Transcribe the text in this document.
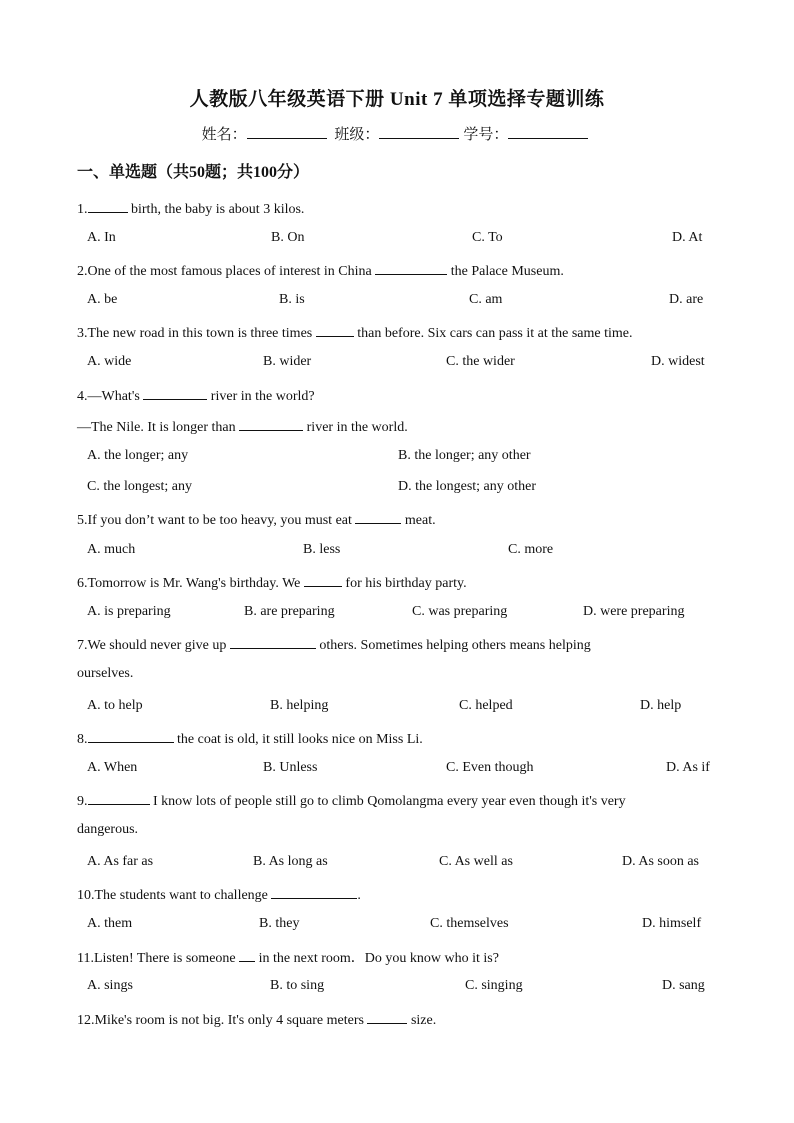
人教版八年级英语下册 Unit 7 单项选择专题训练
姓名：	班级：	学号：
一、单选题（共50题；共100分）
1.	birth, the baby is about 3 kilos.
A. In	B. On	C. To	D. At
2.One of the most famous places of interest in China	the Palace Museum.
A. be	B. is	C. am	D. are
3.The new road in this town is three times	than before. Six cars can pass it at the same time.
A. wide	B. wider	C. the wider	D. widest
4.—What's	river in the world?
—The Nile. It is longer than	river in the world.
A. the longer; any	B. the longer; any other
C. the longest; any	D. the longest; any other
5.If you don’t want to be too heavy, you must eat	meat.
A. much	B. less	C. more
6.Tomorrow is Mr. Wang's birthday. We	for his birthday party.
A. is preparing	B. are preparing	C. was preparing	D. were preparing
7.We should never give up	others. Sometimes helping others means helping
ourselves.
A. to help	B. helping	C. helped	D. help
8.	the coat is old, it still looks nice on Miss Li.
A. When	B. Unless	C. Even though	D. As if
9.	I know lots of people still go to climb Qomolangma every year even though it's very
dangerous.
A. As far as	B. As long as	C. As well as	D. As soon as
10.The students want to challenge	.
A. them	B. they	C. themselves	D. himself
11.Listen! There is someone  in the next room．Do you know who it is?
A. sings	B. to sing	C. singing	D. sang
12.Mike's room is not big. It's only 4 square meters	size.
